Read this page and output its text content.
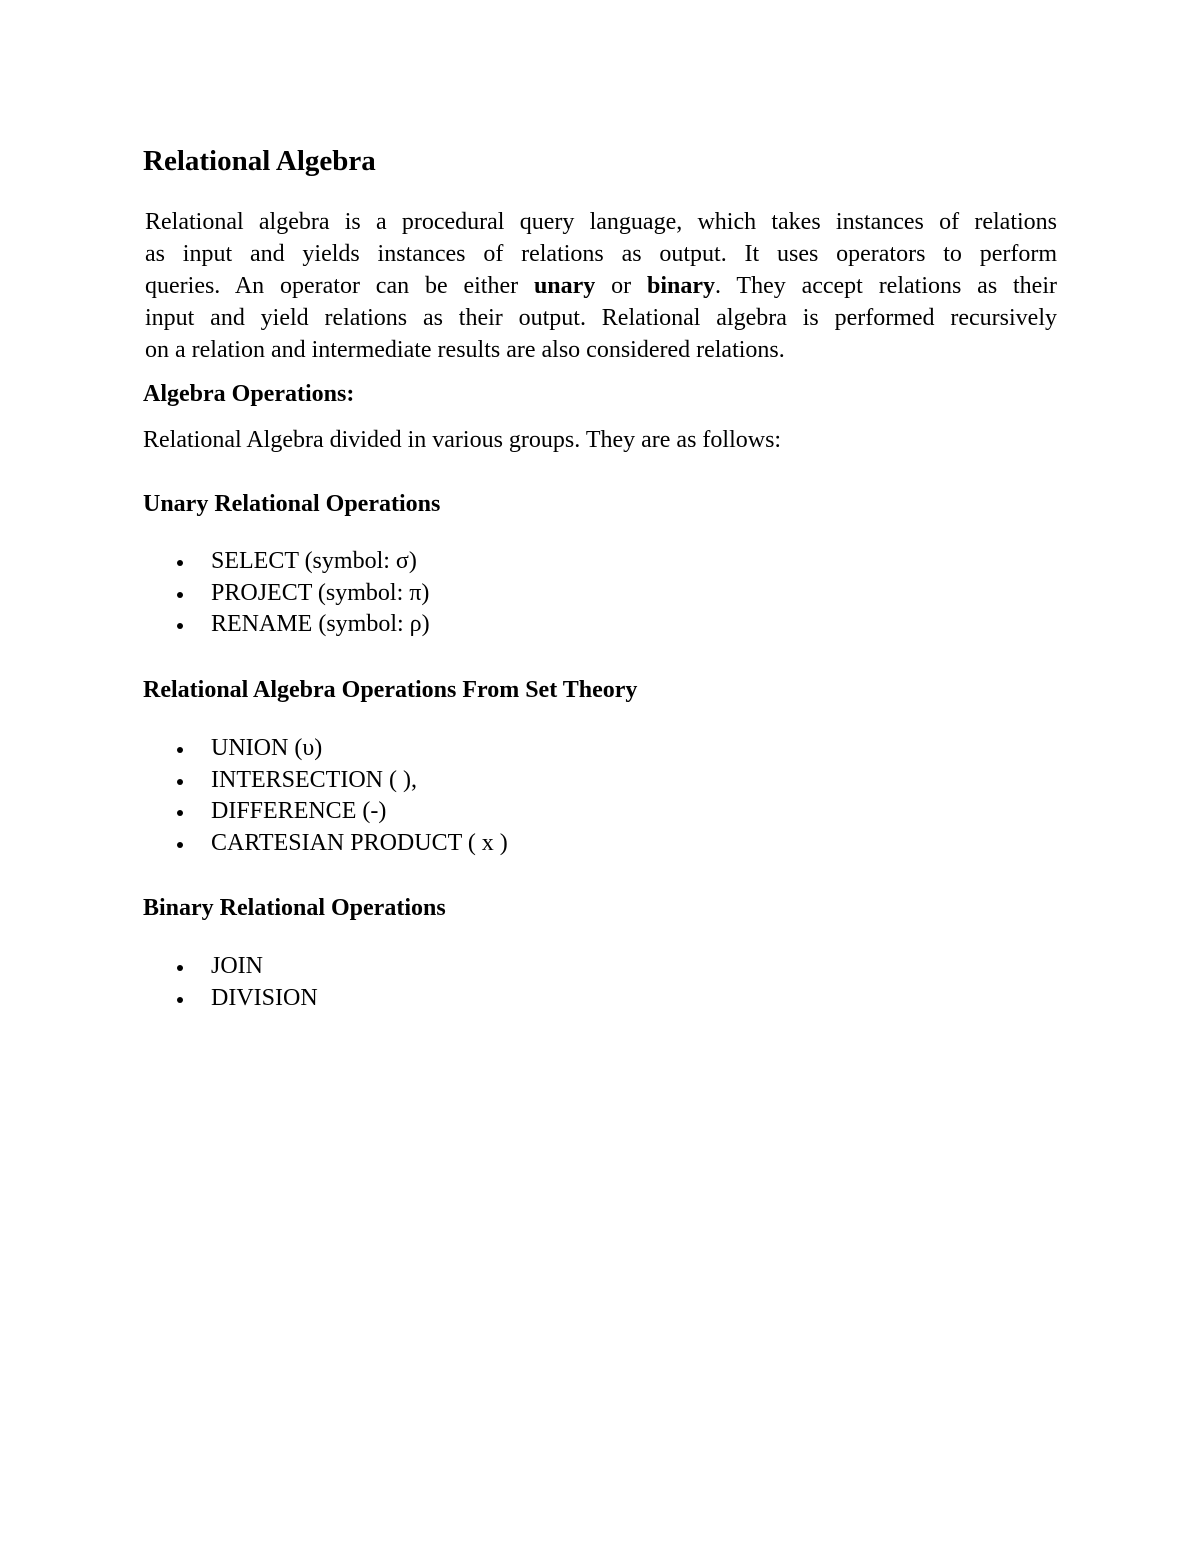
Relational Algebra

Relational algebra is a procedural query language, which takes instances of relations
as input and yields instances of relations as output. It uses operators to perform
queries. An operator can be either unary or binary. They accept relations as their
input and yield relations as their output. Relational algebra is performed recursively
on a relation and intermediate results are also considered relations.

Algebra Operations:

Relational Algebra divided in various groups. They are as follows:

Unary Relational Operations
SELECT (symbol: σ)
PROJECT (symbol: π)
RENAME (symbol: ρ)
Relational Algebra Operations From Set Theory
UNION (υ)
INTERSECTION ( ),
DIFFERENCE (-)
CARTESIAN PRODUCT ( x )
Binary Relational Operations
JOIN
DIVISION
